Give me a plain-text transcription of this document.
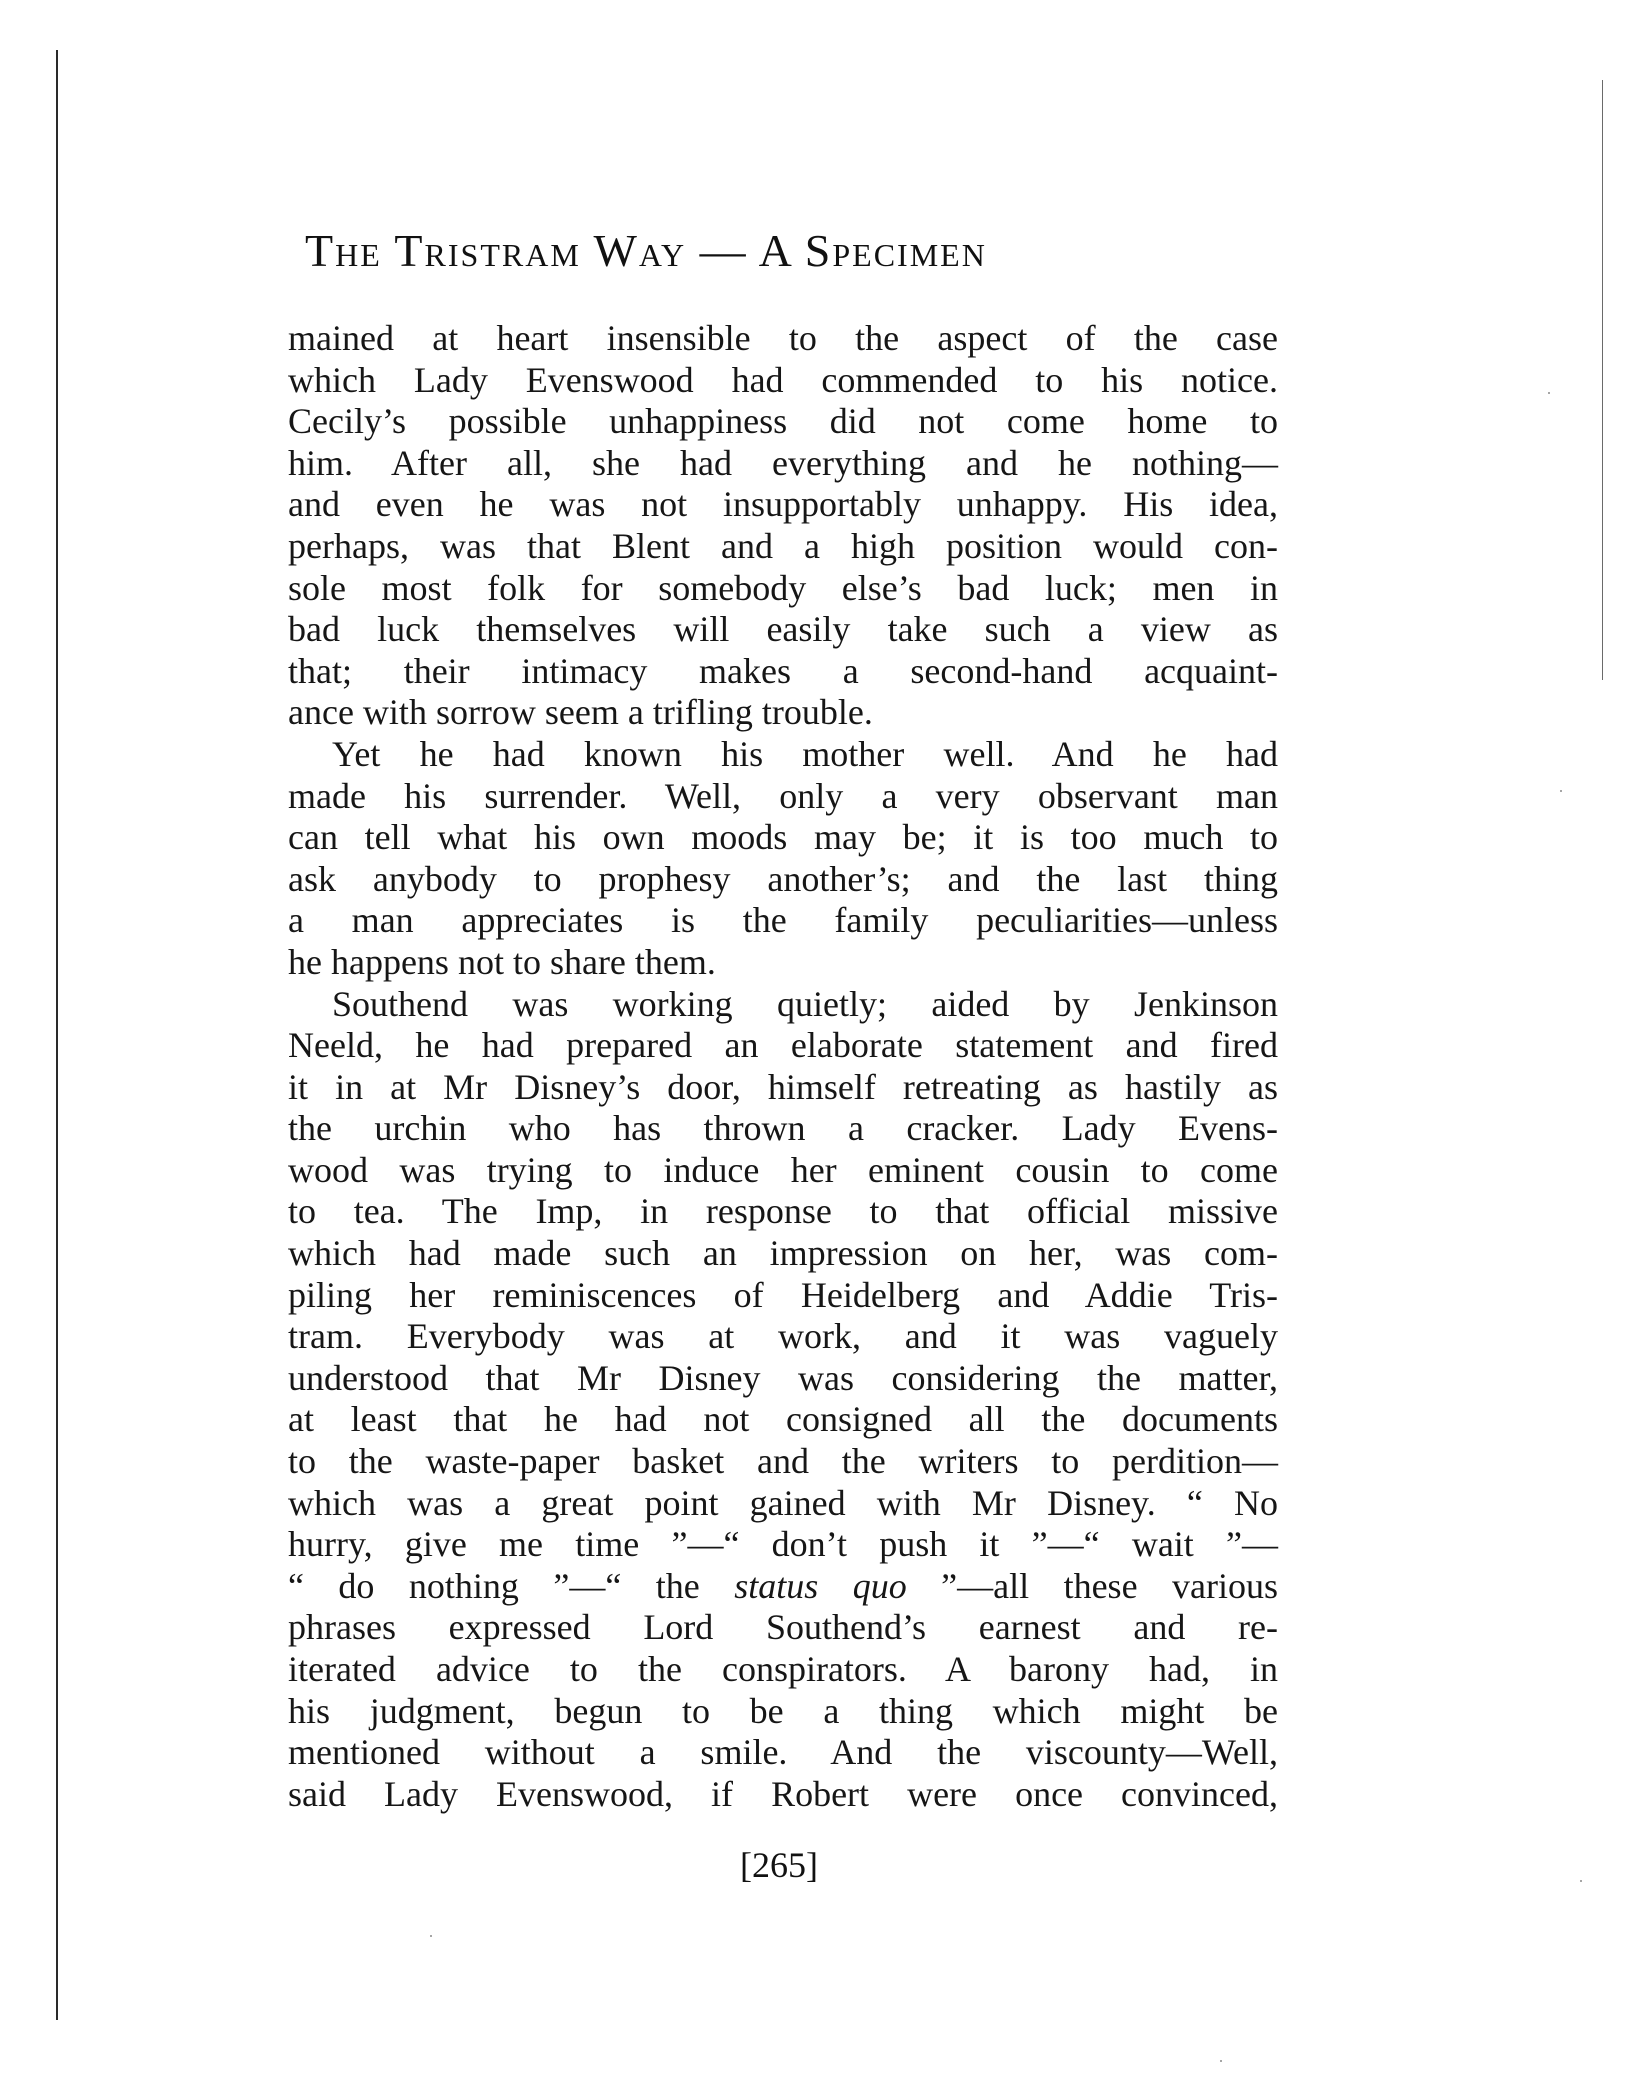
The Tristram Way — A Specimen
mained at heart insensible to the aspect of the case
which Lady Evenswood had commended to his notice.
Cecily’s possible unhappiness did not come home to
him. After all, she had everything and he nothing—
and even he was not insupportably unhappy. His idea,
perhaps, was that Blent and a high position would con-
sole most folk for somebody else’s bad luck; men in
bad luck themselves will easily take such a view as
that; their intimacy makes a second-hand acquaint-
ance with sorrow seem a trifling trouble.
Yet he had known his mother well. And he had
made his surrender. Well, only a very observant man
can tell what his own moods may be; it is too much to
ask anybody to prophesy another’s; and the last thing
a man appreciates is the family peculiarities—unless
he happens not to share them.
Southend was working quietly; aided by Jenkinson
Neeld, he had prepared an elaborate statement and fired
it in at Mr Disney’s door, himself retreating as hastily as
the urchin who has thrown a cracker. Lady Evens-
wood was trying to induce her eminent cousin to come
to tea. The Imp, in response to that official missive
which had made such an impression on her, was com-
piling her reminiscences of Heidelberg and Addie Tris-
tram. Everybody was at work, and it was vaguely
understood that Mr Disney was considering the matter,
at least that he had not consigned all the documents
to the waste-paper basket and the writers to perdition—
which was a great point gained with Mr Disney. “ No
hurry, give me time ”—“ don’t push it ”—“ wait ”—
“ do nothing ”—“ the status quo ”—all these various
phrases expressed Lord Southend’s earnest and re-
iterated advice to the conspirators. A barony had, in
his judgment, begun to be a thing which might be
mentioned without a smile. And the viscounty—Well,
said Lady Evenswood, if Robert were once convinced,
[265]
